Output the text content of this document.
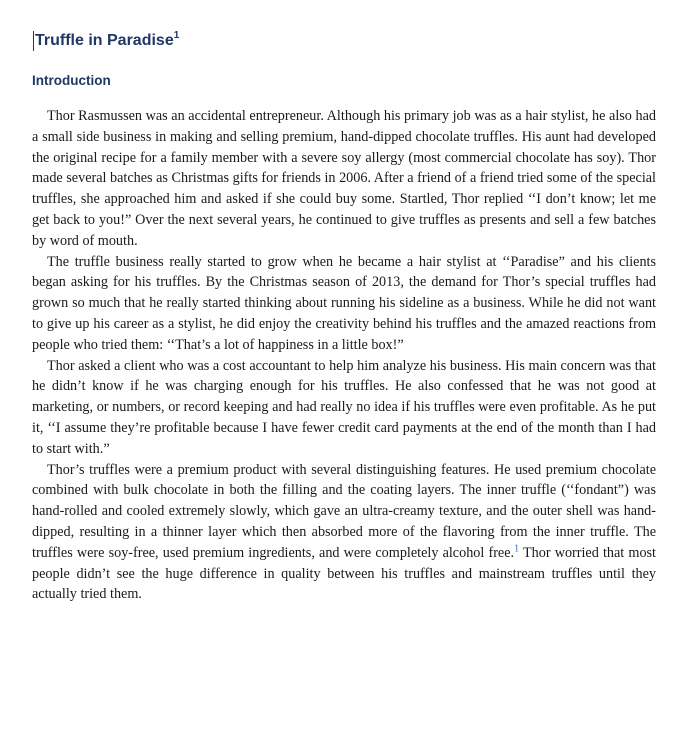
Truffle in Paradise$^1$
Introduction

Thor Rasmussen was an accidental entrepreneur. Although his primary job was as a hair stylist, he also had a small side business in making and selling premium, hand-dipped chocolate truffles. His aunt had developed the original recipe for a family member with a severe soy allergy (most commercial chocolate has soy). Thor made several batches as Christmas gifts for friends in 2006. After a friend of a friend tried some of the special truffles, she approached him and asked if she could buy some. Startled, Thor replied ‘‘I don’t know; let me get back to you!” Over the next several years, he continued to give truffles as presents and sell a few batches by word of mouth.

The truffle business really started to grow when he became a hair stylist at ‘‘Paradise” and his clients began asking for his truffles. By the Christmas season of 2013, the demand for Thor’s special truffles had grown so much that he really started thinking about running his sideline as a business. While he did not want to give up his career as a stylist, he did enjoy the creativity behind his truffles and the amazed reactions from people who tried them: ‘‘That’s a lot of happiness in a little box!”

Thor asked a client who was a cost accountant to help him analyze his business. His main concern was that he didn’t know if he was charging enough for his truffles. He also confessed that he was not good at marketing, or numbers, or record keeping and had really no idea if his truffles were even profitable. As he put it, ‘‘I assume they’re profitable because I have fewer credit card payments at the end of the month than I had to start with.”

Thor’s truffles were a premium product with several distinguishing features. He used premium chocolate combined with bulk chocolate in both the filling and the coating layers. The inner truffle (‘‘fondant”) was hand-rolled and cooled extremely slowly, which gave an ultra-creamy texture, and the outer shell was hand-dipped, resulting in a thinner layer which then absorbed more of the flavoring from the inner truffle. The truffles were soy-free, used premium ingredients, and were completely alcohol free.$^1$ Thor worried that most people didn’t see the huge difference in quality between his truffles and mainstream truffles until they actually tried them.
